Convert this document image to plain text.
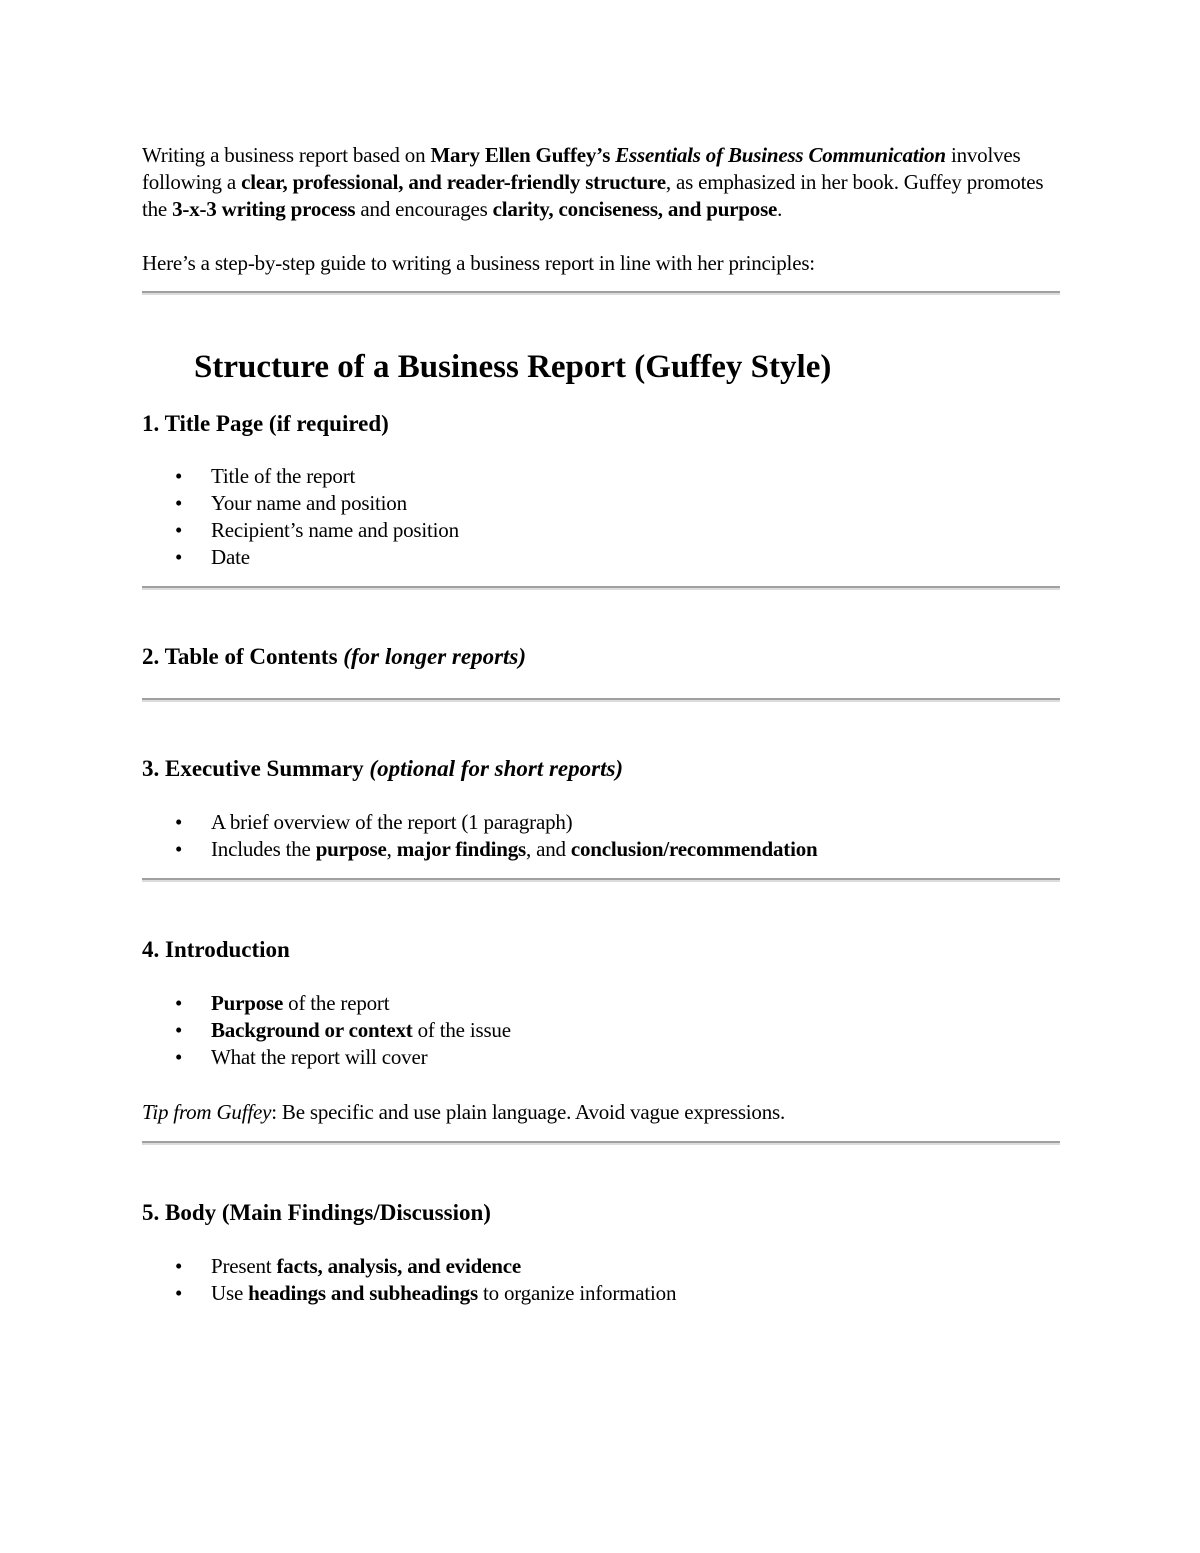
Writing a business report based on Mary Ellen Guffey’s Essentials of Business Communication involves following a clear, professional, and reader-friendly structure, as emphasized in her book. Guffey promotes the 3-x-3 writing process and encourages clarity, conciseness, and purpose.

Here’s a step-by-step guide to writing a business report in line with her principles:

Structure of a Business Report (Guffey Style)
1. Title Page (if required)
• Title of the report
• Your name and position
• Recipient’s name and position
• Date
2. Table of Contents (for longer reports)
3. Executive Summary (optional for short reports)
• A brief overview of the report (1 paragraph)
• Includes the purpose, major findings, and conclusion/recommendation
4. Introduction
• Purpose of the report
• Background or context of the issue
• What the report will cover

Tip from Guffey: Be specific and use plain language. Avoid vague expressions.

5. Body (Main Findings/Discussion)
• Present facts, analysis, and evidence
• Use headings and subheadings to organize information
